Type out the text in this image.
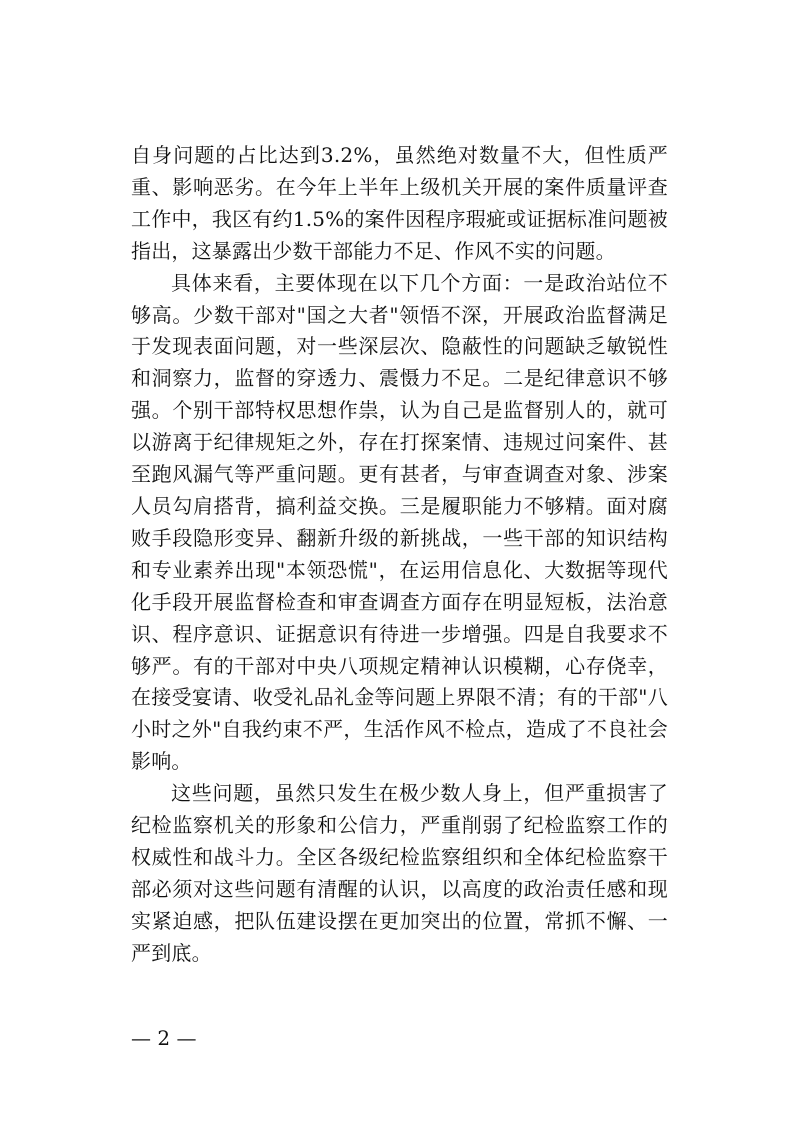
自身问题的占比达到3.2%，虽然绝对数量不大，但性质严重、影响恶劣。在今年上半年上级机关开展的案件质量评查工作中，我区有约1.5%的案件因程序瑕疵或证据标准问题被指出，这暴露出少数干部能力不足、作风不实的问题。

具体来看，主要体现在以下几个方面：一是政治站位不够高。少数干部对"国之大者"领悟不深，开展政治监督满足于发现表面问题，对一些深层次、隐蔽性的问题缺乏敏锐性和洞察力，监督的穿透力、震慑力不足。二是纪律意识不够强。个别干部特权思想作祟，认为自己是监督别人的，就可以游离于纪律规矩之外，存在打探案情、违规过问案件、甚至跑风漏气等严重问题。更有甚者，与审查调查对象、涉案人员勾肩搭背，搞利益交换。三是履职能力不够精。面对腐败手段隐形变异、翻新升级的新挑战，一些干部的知识结构和专业素养出现"本领恐慌"，在运用信息化、大数据等现代化手段开展监督检查和审查调查方面存在明显短板，法治意识、程序意识、证据意识有待进一步增强。四是自我要求不够严。有的干部对中央八项规定精神认识模糊，心存侥幸，在接受宴请、收受礼品礼金等问题上界限不清；有的干部"八小时之外"自我约束不严，生活作风不检点，造成了不良社会影响。

这些问题，虽然只发生在极少数人身上，但严重损害了纪检监察机关的形象和公信力，严重削弱了纪检监察工作的权威性和战斗力。全区各级纪检监察组织和全体纪检监察干部必须对这些问题有清醒的认识，以高度的政治责任感和现实紧迫感，把队伍建设摆在更加突出的位置，常抓不懈、一严到底。

— 2 —
